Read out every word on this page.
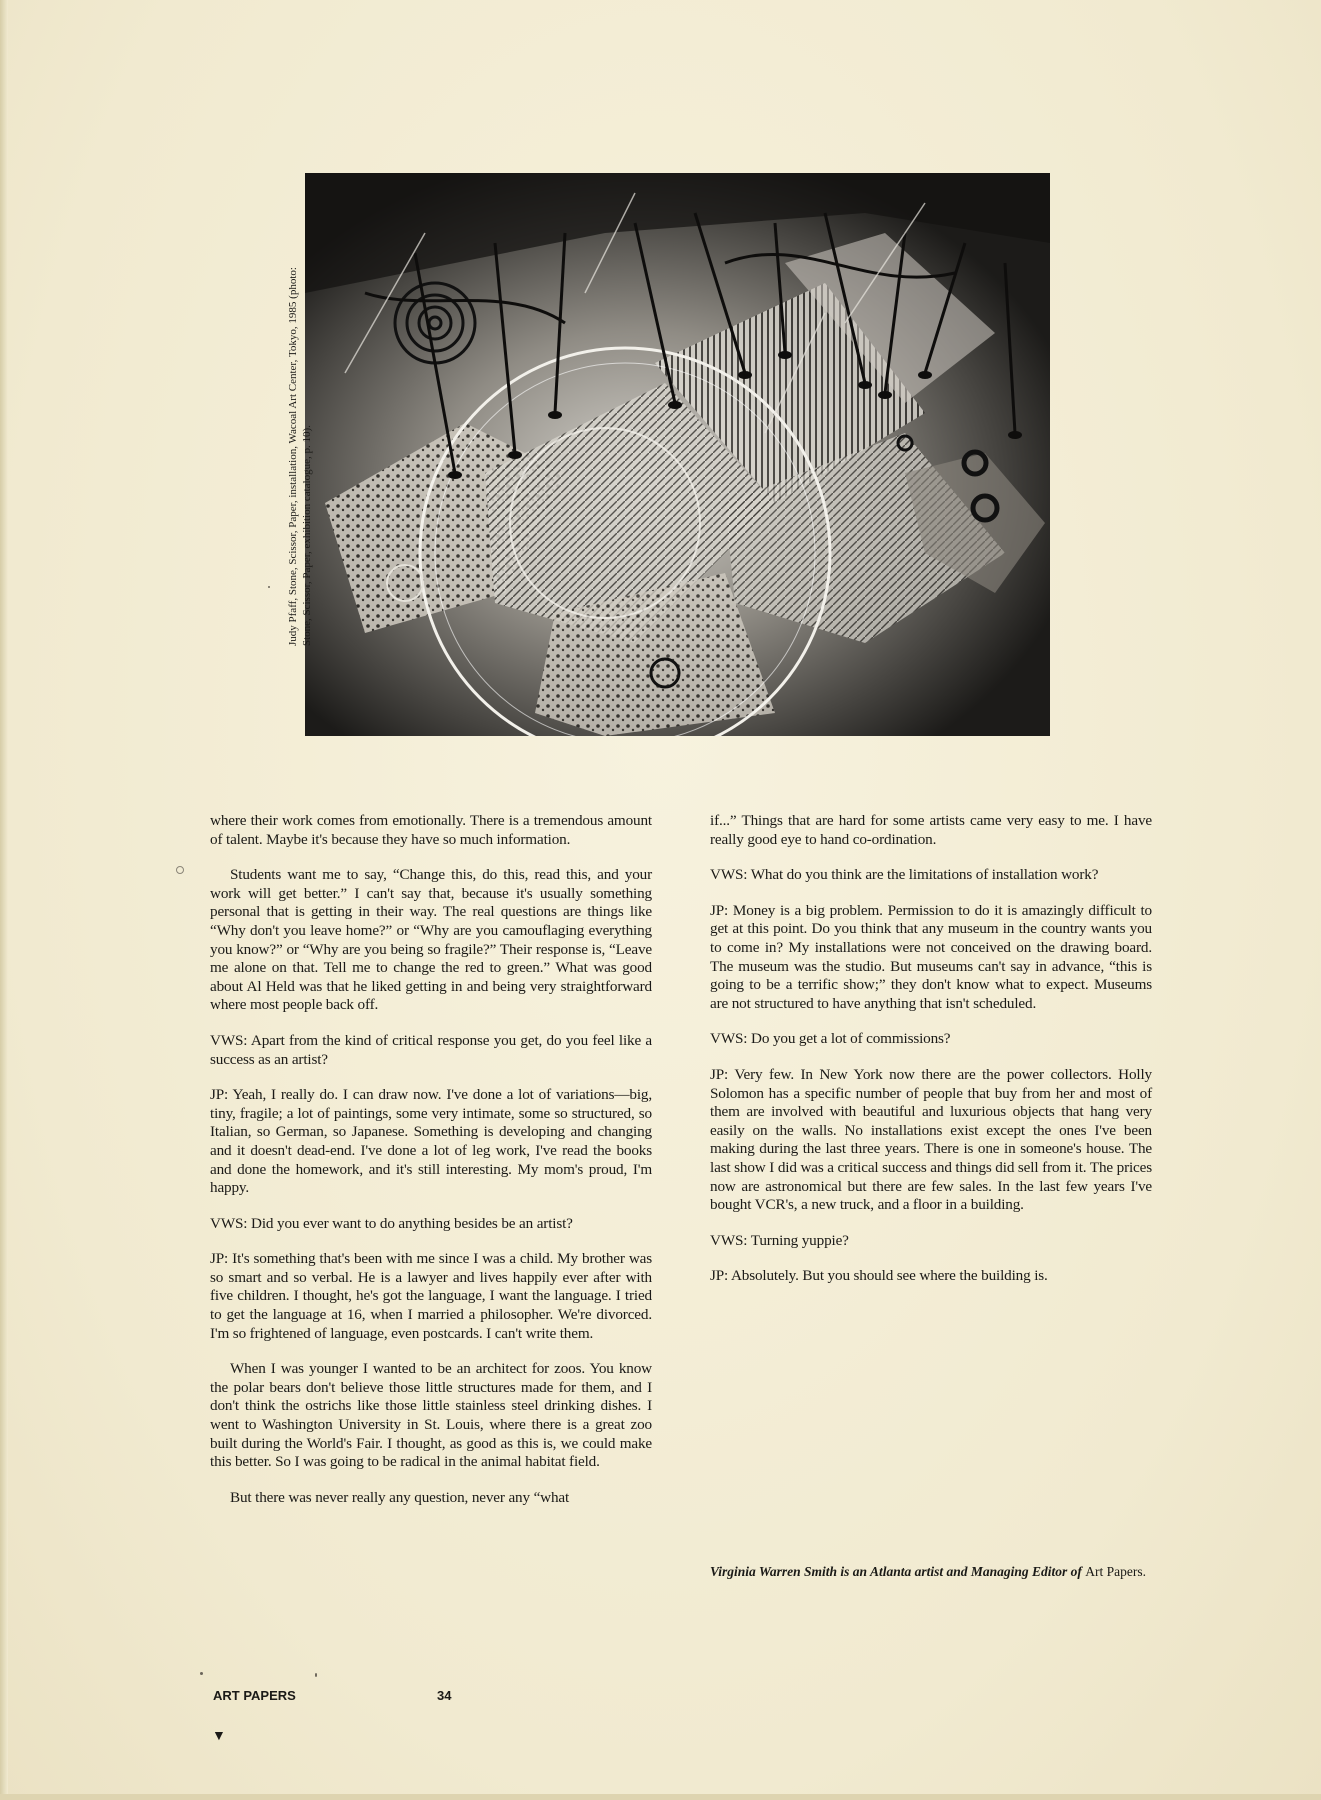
Judy Pfaff, Stone, Scissor, Paper, installation, Wacoal Art Center, Tokyo, 1985 (photo: Stone, Scissor, Paper, exhibition catalogue, p. 10).

where their work comes from emotionally. There is a tremendous amount of talent. Maybe it's because they have so much information.

Students want me to say, “Change this, do this, read this, and your work will get better.” I can't say that, because it's usually something personal that is getting in their way. The real questions are things like “Why don't you leave home?” or “Why are you camouflaging everything you know?” or “Why are you being so fragile?” Their response is, “Leave me alone on that. Tell me to change the red to green.” What was good about Al Held was that he liked getting in and being very straightforward where most people back off.

VWS: Apart from the kind of critical response you get, do you feel like a success as an artist?

JP: Yeah, I really do. I can draw now. I've done a lot of variations—big, tiny, fragile; a lot of paintings, some very intimate, some so structured, so Italian, so German, so Japanese. Something is developing and changing and it doesn't dead-end. I've done a lot of leg work, I've read the books and done the homework, and it's still interesting. My mom's proud, I'm happy.

VWS: Did you ever want to do anything besides be an artist?

JP: It's something that's been with me since I was a child. My brother was so smart and so verbal. He is a lawyer and lives happily ever after with five children. I thought, he's got the language, I want the language. I tried to get the language at 16, when I married a philosopher. We're divorced. I'm so frightened of language, even postcards. I can't write them.

When I was younger I wanted to be an architect for zoos. You know the polar bears don't believe those little structures made for them, and I don't think the ostrichs like those little stainless steel drinking dishes. I went to Washington University in St. Louis, where there is a great zoo built during the World's Fair. I thought, as good as this is, we could make this better. So I was going to be radical in the animal habitat field.

But there was never really any question, never any “what

if...” Things that are hard for some artists came very easy to me. I have really good eye to hand co-ordination.

VWS: What do you think are the limitations of installation work?

JP: Money is a big problem. Permission to do it is amazingly difficult to get at this point. Do you think that any museum in the country wants you to come in? My installations were not conceived on the drawing board. The museum was the studio. But museums can't say in advance, “this is going to be a terrific show;” they don't know what to expect. Museums are not structured to have anything that isn't scheduled.

VWS: Do you get a lot of commissions?

JP: Very few. In New York now there are the power collectors. Holly Solomon has a specific number of people that buy from her and most of them are involved with beautiful and luxurious objects that hang very easily on the walls. No installations exist except the ones I've been making during the last three years. There is one in someone's house. The last show I did was a critical success and things did sell from it. The prices now are astronomical but there are few sales. In the last few years I've bought VCR's, a new truck, and a floor in a building.

VWS: Turning yuppie?

JP: Absolutely. But you should see where the building is.

Virginia Warren Smith is an Atlanta artist and Managing Editor of Art Papers.
ART PAPERS	34
▼
